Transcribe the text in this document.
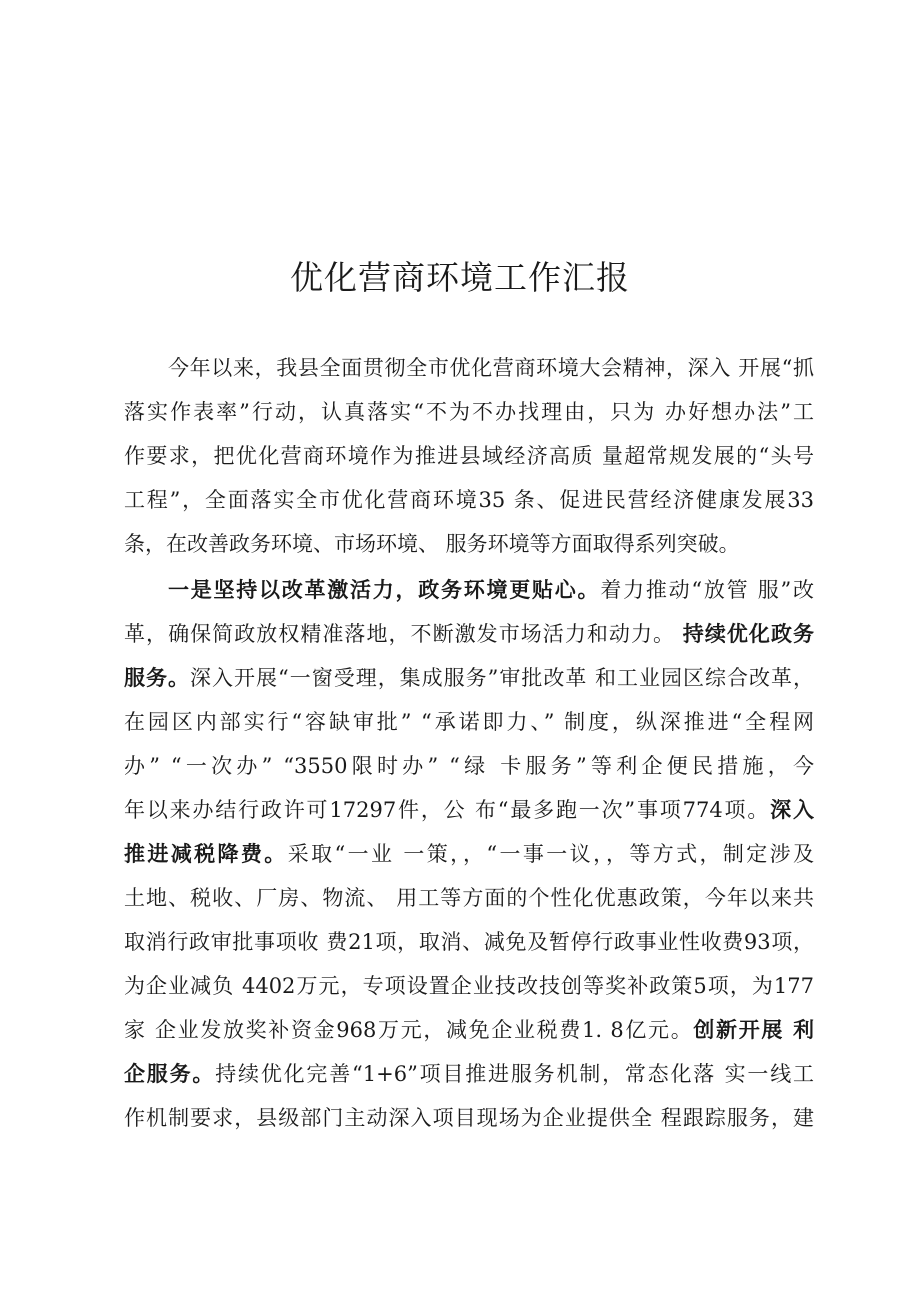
优化营商环境工作汇报
今年以来，我县全面贯彻全市优化营商环境大会精神，深入 开展“抓
落实作表率”行动，认真落实“不为不办找理由，只为 办好想办法”工
作要求，把优化营商环境作为推进县域经济高质 量超常规发展的“头号
工程”，全面落实全市优化营商环境35 条、促进民营经济健康发展33
条，在改善政务环境、市场环境、 服务环境等方面取得系列突破。
一是坚持以改革激活力，政务环境更贴心。着力推动“放管 服”改
革，确保简政放权精准落地，不断激发市场活力和动力。 持续优化政务
服务。深入开展“一窗受理，集成服务”审批改革 和工业园区综合改革，
在园区内部实行“容缺审批” “承诺即力、” 制度，纵深推进“全程网
办” “一次办” “3550限时办” “绿 卡服务”等利企便民措施，今
年以来办结行政许可17297件，公 布“最多跑一次”事项774项。深入
推进减税降费。采取“一业 一策，，“一事一议，，等方式，制定涉及
土地、税收、厂房、物流、 用工等方面的个性化优惠政策，今年以来共
取消行政审批事项收 费21项，取消、减免及暂停行政事业性收费93项，
为企业减负 4402万元，专项设置企业技改技创等奖补政策5项，为177
家 企业发放奖补资金968万元，减免企业税费1. 8亿元。创新开展 利
企服务。持续优化完善“1+6”项目推进服务机制，常态化落 实一线工
作机制要求，县级部门主动深入项目现场为企业提供全 程跟踪服务，建
